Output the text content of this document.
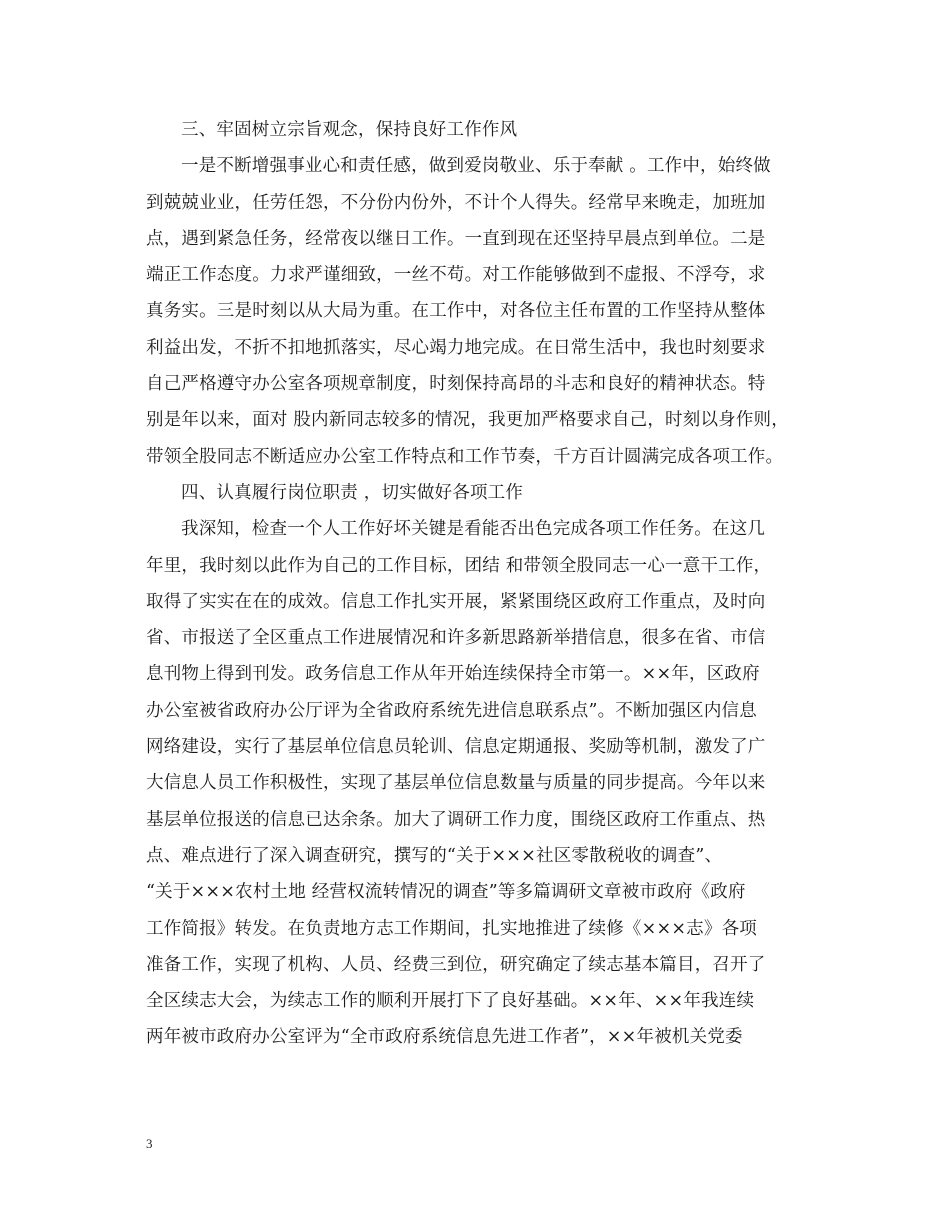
三、牢固树立宗旨观念，保持良好工作作风
一是不断增强事业心和责任感，做到爱岗敬业、乐于奉献 。工作中，始终做
到兢兢业业，任劳任怨，不分份内份外，不计个人得失。经常早来晚走，加班加
点，遇到紧急任务，经常夜以继日工作。一直到现在还坚持早晨点到单位。二是
端正工作态度。力求严谨细致，一丝不苟。对工作能够做到不虚报、不浮夸，求
真务实。三是时刻以从大局为重。在工作中，对各位主任布置的工作坚持从整体
利益出发，不折不扣地抓落实，尽心竭力地完成。在日常生活中，我也时刻要求
自己严格遵守办公室各项规章制度，时刻保持高昂的斗志和良好的精神状态。特
别是年以来，面对 股内新同志较多的情况，我更加严格要求自己，时刻以身作则，
带领全股同志不断适应办公室工作特点和工作节奏，千方百计圆满完成各项工作。
四、认真履行岗位职责 ，切实做好各项工作
我深知，检查一个人工作好坏关键是看能否出色完成各项工作任务。在这几
年里，我时刻以此作为自己的工作目标，团结 和带领全股同志一心一意干工作，
取得了实实在在的成效。信息工作扎实开展，紧紧围绕区政府工作重点，及时向
省、市报送了全区重点工作进展情况和许多新思路新举措信息，很多在省、市信
息刊物上得到刊发。政务信息工作从年开始连续保持全市第一。××年，区政府
办公室被省政府办公厅评为全省政府系统先进信息联系点”。不断加强区内信息
网络建设，实行了基层单位信息员轮训、信息定期通报、奖励等机制，激发了广
大信息人员工作积极性，实现了基层单位信息数量与质量的同步提高。今年以来
基层单位报送的信息已达余条。加大了调研工作力度，围绕区政府工作重点、热
点、难点进行了深入调查研究，撰写的“关于×××社区零散税收的调查”、
“关于×××农村土地 经营权流转情况的调查”等多篇调研文章被市政府《政府
工作简报》转发。在负责地方志工作期间，扎实地推进了续修《×××志》各项
准备工作，实现了机构、人员、经费三到位，研究确定了续志基本篇目，召开了
全区续志大会，为续志工作的顺利开展打下了良好基础。××年、××年我连续
两年被市政府办公室评为“全市政府系统信息先进工作者”，××年被机关党委
3
